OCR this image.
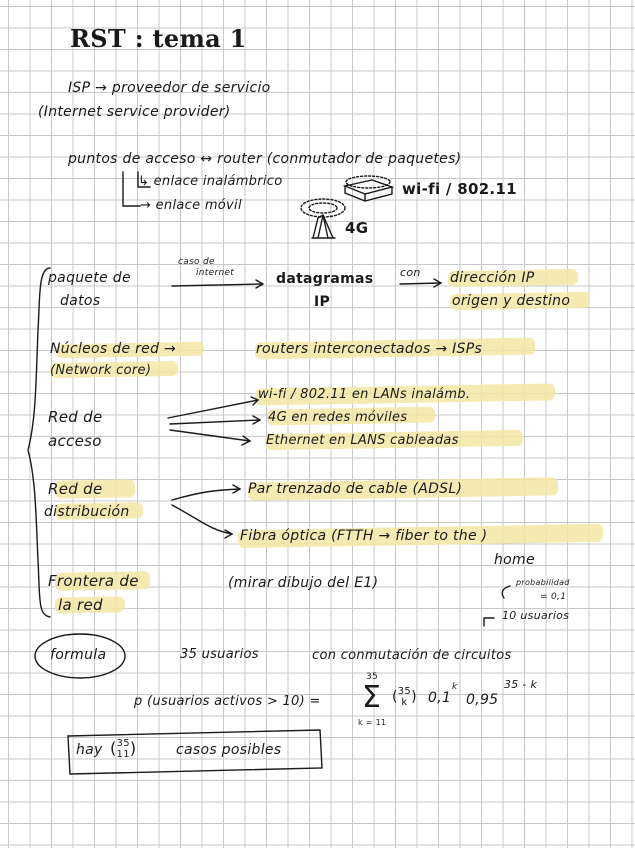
RST : tema 1
ISP → proveedor de servicio
(Internet service provider)
puntos de acceso ↔ router (conmutador de paquetes)
↳ enlace inalámbrico
→ enlace móvil
wi-fi / 802.11
4G
paquete de
datos
caso de
internet	datagramas
IP
con dirección IP
origen y destino
Núcleos de red →	routers interconectados → ISPs
(Network core)
Red de
acceso
wi-fi / 802.11 en LANs inalámb.
4G en redes móviles
Ethernet en LANS cableadas
Red de
distribución
Par trenzado de cable (ADSL)
Fibra óptica (FTTH → fiber to the )
home
Frontera de
la red
(mirar dibujo del E1)	probabilidad
= 0,1
10 usuarios
formula	35 usuarios	con conmutación de circuitos
p (usuarios activos > 10) =
35
Σ
k = 11
(35
k ) 0,1
k
0,95
35 - k
hay (35
11)	casos posibles
